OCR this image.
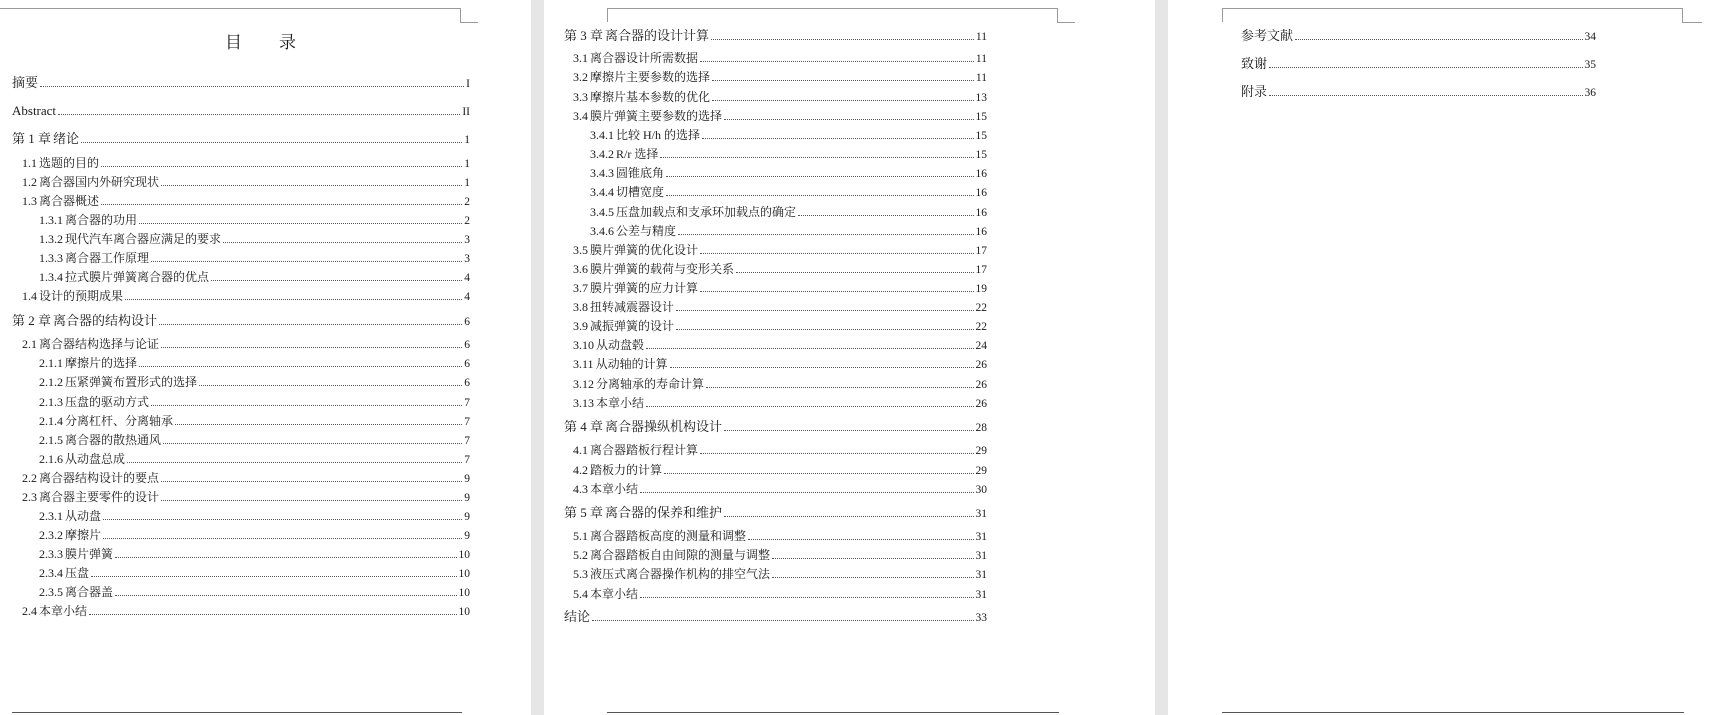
目　录
摘要	I
Abstract	II
第 1 章 绪论	1
1.1 选题的目的	1
1.2 离合器国内外研究现状	1
1.3 离合器概述	2
1.3.1 离合器的功用	2
1.3.2 现代汽车离合器应满足的要求	3
1.3.3 离合器工作原理	3
1.3.4 拉式膜片弹簧离合器的优点	4
1.4 设计的预期成果	4
第 2 章 离合器的结构设计	6
2.1 离合器结构选择与论证	6
2.1.1 摩擦片的选择	6
2.1.2 压紧弹簧布置形式的选择	6
2.1.3 压盘的驱动方式	7
2.1.4 分离杠杆、分离轴承	7
2.1.5 离合器的散热通风	7
2.1.6 从动盘总成	7
2.2 离合器结构设计的要点	9
2.3 离合器主要零件的设计	9
2.3.1 从动盘	9
2.3.2 摩擦片	9
2.3.3 膜片弹簧	10
2.3.4 压盘	10
2.3.5 离合器盖	10
2.4 本章小结	10
第 3 章 离合器的设计计算	11
3.1 离合器设计所需数据	11
3.2 摩擦片主要参数的选择	11
3.3 摩擦片基本参数的优化	13
3.4 膜片弹簧主要参数的选择	15
3.4.1 比较 H/h 的选择	15
3.4.2 R/r 选择	15
3.4.3 圆锥底角	16
3.4.4 切槽宽度	16
3.4.5 压盘加载点和支承环加载点的确定	16
3.4.6 公差与精度	16
3.5 膜片弹簧的优化设计	17
3.6 膜片弹簧的载荷与变形关系	17
3.7 膜片弹簧的应力计算	19
3.8 扭转减震器设计	22
3.9 减振弹簧的设计	22
3.10 从动盘毂	24
3.11 从动轴的计算	26
3.12 分离轴承的寿命计算	26
3.13 本章小结	26
第 4 章 离合器操纵机构设计	28
4.1 离合器踏板行程计算	29
4.2 踏板力的计算	29
4.3 本章小结	30
第 5 章 离合器的保养和维护	31
5.1 离合器踏板高度的测量和调整	31
5.2 离合器踏板自由间隙的测量与调整	31
5.3 液压式离合器操作机构的排空气法	31
5.4 本章小结	31
结论	33
参考文献	34
致谢	35
附录	36
